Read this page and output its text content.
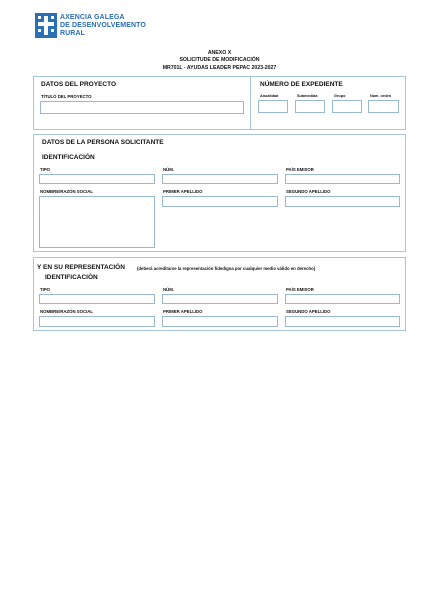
AXENCIA GALEGA
DE DESENVOLVEMENTO
RURAL
ANEXO X
SOLICITUDE DE MODIFICACIÓN
MR701L - AYUDAS LEADER PEPAC 2023-2027
DATOS DEL PROYECTO
TÍTULO DEL PROYECTO
NÚMERO DE EXPEDIENTE
Anualidad	Submedida	Grupo	Núm. orden
DATOS DE LA PERSONA SOLICITANTE
IDENTIFICACIÓN
TIPO	NÚM.	PAÍS EMISOR
NOMBRE/RAZÓN SOCIAL	PRIMER APELLIDO	SEGUNDO APELLIDO
Y EN SU REPRESENTACIÓN	(deberá acreditarse la representación fidedigna por cualquier medio válido en derecho)
IDENTIFICACIÓN
TIPO	NÚM.	PAÍS EMISOR
NOMBRE/RAZÓN SOCIAL	PRIMER APELLIDO	SEGUNDO APELLIDO
